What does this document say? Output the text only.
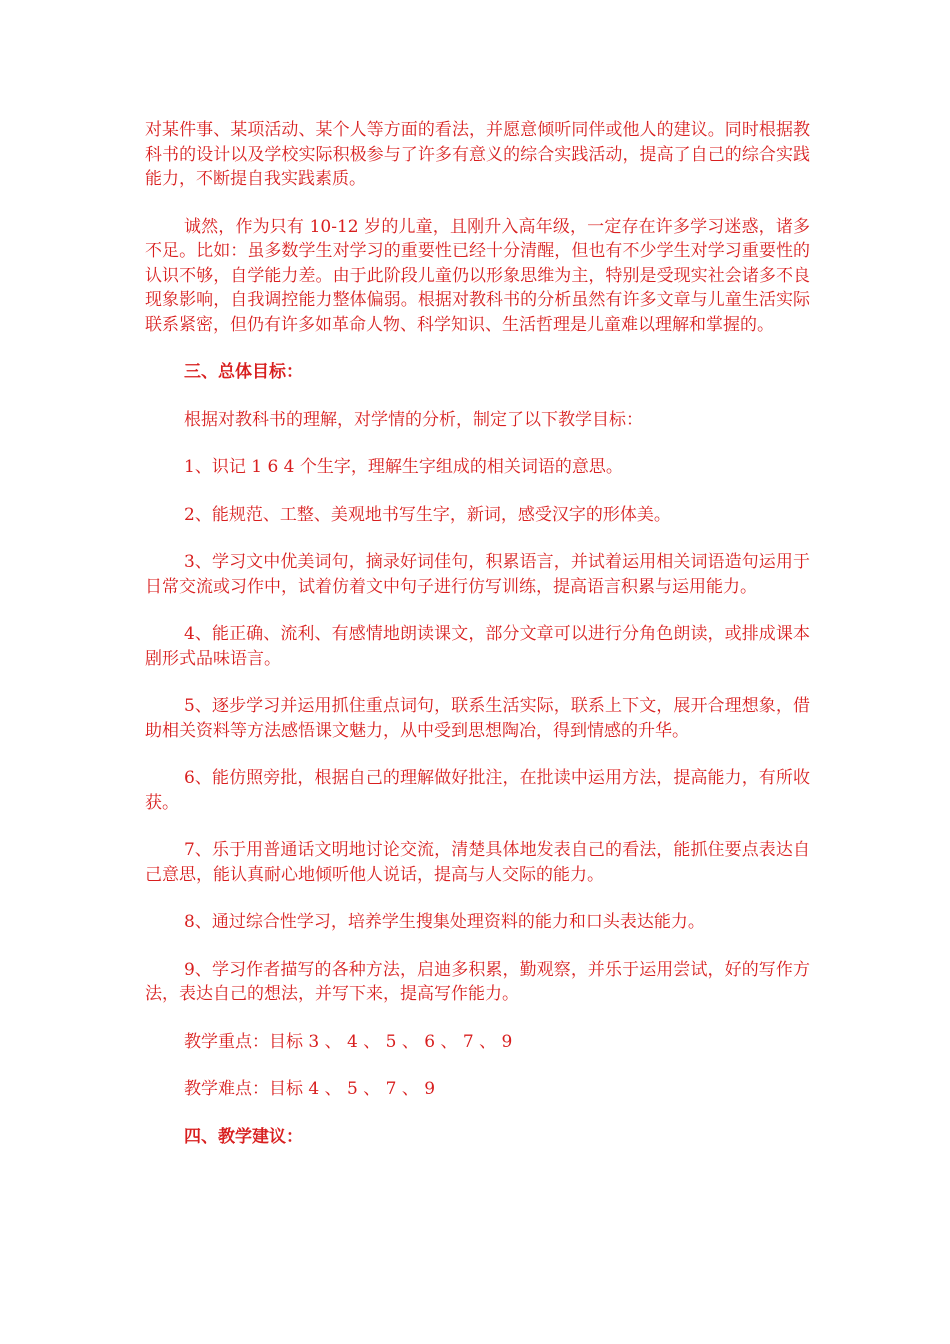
对某件事、某项活动、某个人等方面的看法，并愿意倾听同伴或他人的建议。同时根据教科书的设计以及学校实际积极参与了许多有意义的综合实践活动，提高了自己的综合实践能力，不断提自我实践素质。

诚然，作为只有 10-12 岁的儿童，且刚升入高年级，一定存在许多学习迷惑，诸多不足。比如：虽多数学生对学习的重要性已经十分清醒，但也有不少学生对学习重要性的认识不够，自学能力差。由于此阶段儿童仍以形象思维为主，特别是受现实社会诸多不良现象影响，自我调控能力整体偏弱。根据对教科书的分析虽然有许多文章与儿童生活实际联系紧密，但仍有许多如革命人物、科学知识、生活哲理是儿童难以理解和掌握的。

三、总体目标：

根据对教科书的理解，对学情的分析，制定了以下教学目标：

1、识记 1 6 4 个生字，理解生字组成的相关词语的意思。

2、能规范、工整、美观地书写生字，新词，感受汉字的形体美。

3、学习文中优美词句，摘录好词佳句，积累语言，并试着运用相关词语造句运用于日常交流或习作中，试着仿着文中句子进行仿写训练，提高语言积累与运用能力。

4、能正确、流利、有感情地朗读课文，部分文章可以进行分角色朗读，或排成课本剧形式品味语言。

5、逐步学习并运用抓住重点词句，联系生活实际，联系上下文，展开合理想象，借助相关资料等方法感悟课文魅力，从中受到思想陶冶，得到情感的升华。

6、能仿照旁批，根据自己的理解做好批注，在批读中运用方法，提高能力，有所收获。

7、乐于用普通话文明地讨论交流，清楚具体地发表自己的看法，能抓住要点表达自己意思，能认真耐心地倾听他人说话，提高与人交际的能力。

8、通过综合性学习，培养学生搜集处理资料的能力和口头表达能力。

9、学习作者描写的各种方法，启迪多积累，勤观察，并乐于运用尝试，好的写作方法，表达自己的想法，并写下来，提高写作能力。

教学重点：目标 3 、 4 、 5 、 6 、 7 、 9

教学难点：目标 4 、 5 、 7 、 9

四、教学建议：
